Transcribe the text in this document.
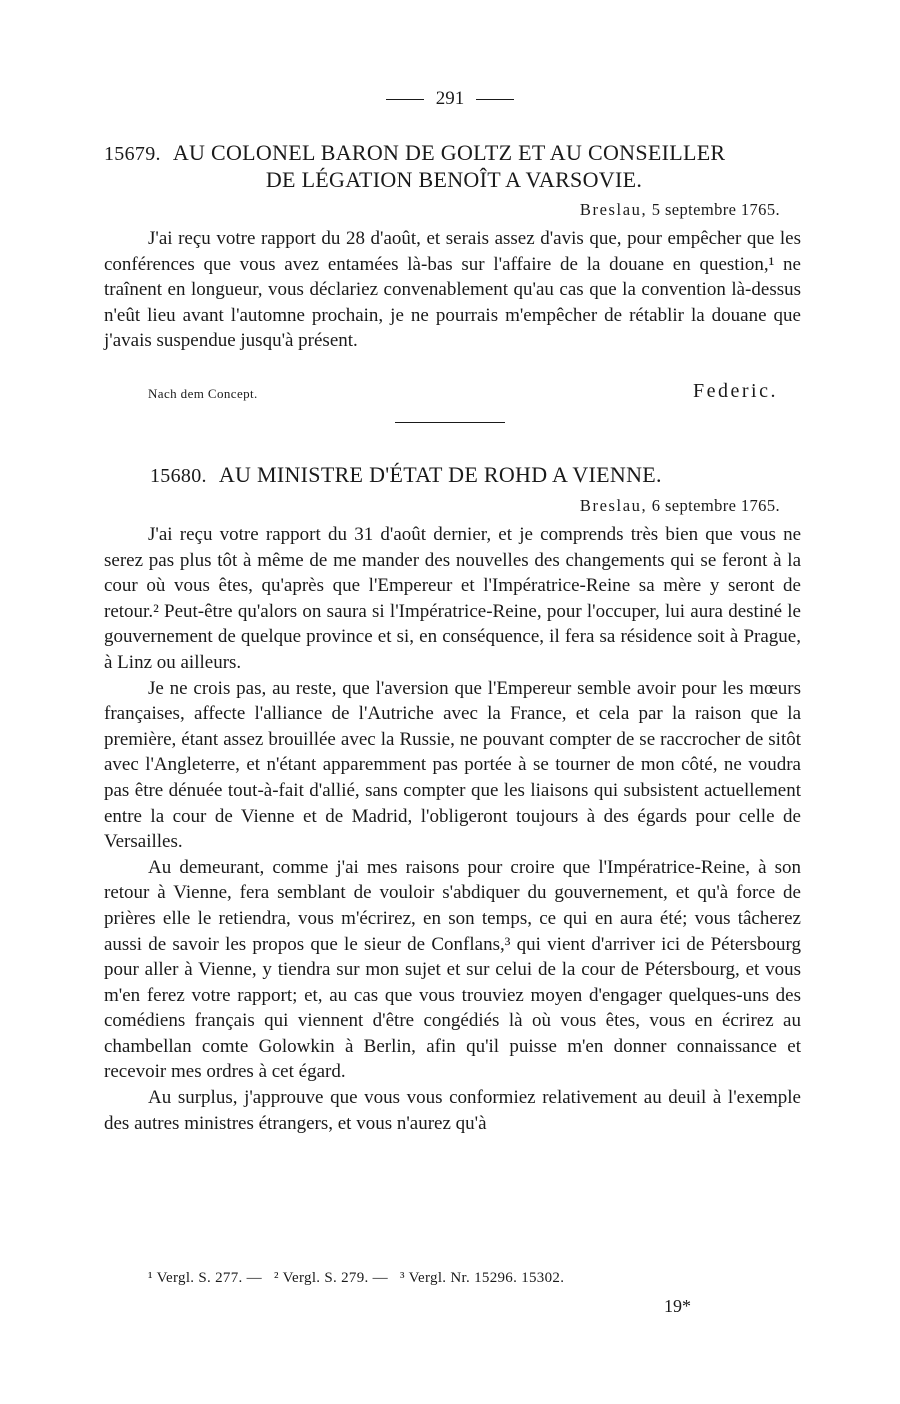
291
15679. AU COLONEL BARON DE GOLTZ ET AU CONSEILLER
DE LÉGATION BENOÎT A VARSOVIE.
Breslau, 5 septembre 1765.

J'ai reçu votre rapport du 28 d'août, et serais assez d'avis que, pour empêcher que les conférences que vous avez entamées là-bas sur l'affaire de la douane en question,¹ ne traînent en longueur, vous déclariez convenablement qu'au cas que la convention là-dessus n'eût lieu avant l'automne prochain, je ne pourrais m'empêcher de rétablir la douane que j'avais suspendue jusqu'à présent.

Nach dem Concept.	Federic.
15680. AU MINISTRE D'ÉTAT DE ROHD A VIENNE.
Breslau, 6 septembre 1765.

J'ai reçu votre rapport du 31 d'août dernier, et je comprends très bien que vous ne serez pas plus tôt à même de me mander des nouvelles des changements qui se feront à la cour où vous êtes, qu'après que l'Empereur et l'Impératrice-Reine sa mère y seront de retour.² Peut-être qu'alors on saura si l'Impératrice-Reine, pour l'occuper, lui aura destiné le gouvernement de quelque province et si, en conséquence, il fera sa résidence soit à Prague, à Linz ou ailleurs.

Je ne crois pas, au reste, que l'aversion que l'Empereur semble avoir pour les mœurs françaises, affecte l'alliance de l'Autriche avec la France, et cela par la raison que la première, étant assez brouillée avec la Russie, ne pouvant compter de se raccrocher de sitôt avec l'Angleterre, et n'étant apparemment pas portée à se tourner de mon côté, ne voudra pas être dénuée tout-à-fait d'allié, sans compter que les liaisons qui subsistent actuellement entre la cour de Vienne et de Madrid, l'obligeront toujours à des égards pour celle de Versailles.

Au demeurant, comme j'ai mes raisons pour croire que l'Impératrice-Reine, à son retour à Vienne, fera semblant de vouloir s'abdiquer du gouvernement, et qu'à force de prières elle le retiendra, vous m'écrirez, en son temps, ce qui en aura été; vous tâcherez aussi de savoir les propos que le sieur de Conflans,³ qui vient d'arriver ici de Pétersbourg pour aller à Vienne, y tiendra sur mon sujet et sur celui de la cour de Pétersbourg, et vous m'en ferez votre rapport; et, au cas que vous trouviez moyen d'engager quelques-uns des comédiens français qui viennent d'être congédiés là où vous êtes, vous en écrirez au chambellan comte Golowkin à Berlin, afin qu'il puisse m'en donner connaissance et recevoir mes ordres à cet égard.

Au surplus, j'approuve que vous vous conformiez relativement au deuil à l'exemple des autres ministres étrangers, et vous n'aurez qu'à

¹ Vergl. S. 277. — ² Vergl. S. 279. — ³ Vergl. Nr. 15296. 15302.
19*
